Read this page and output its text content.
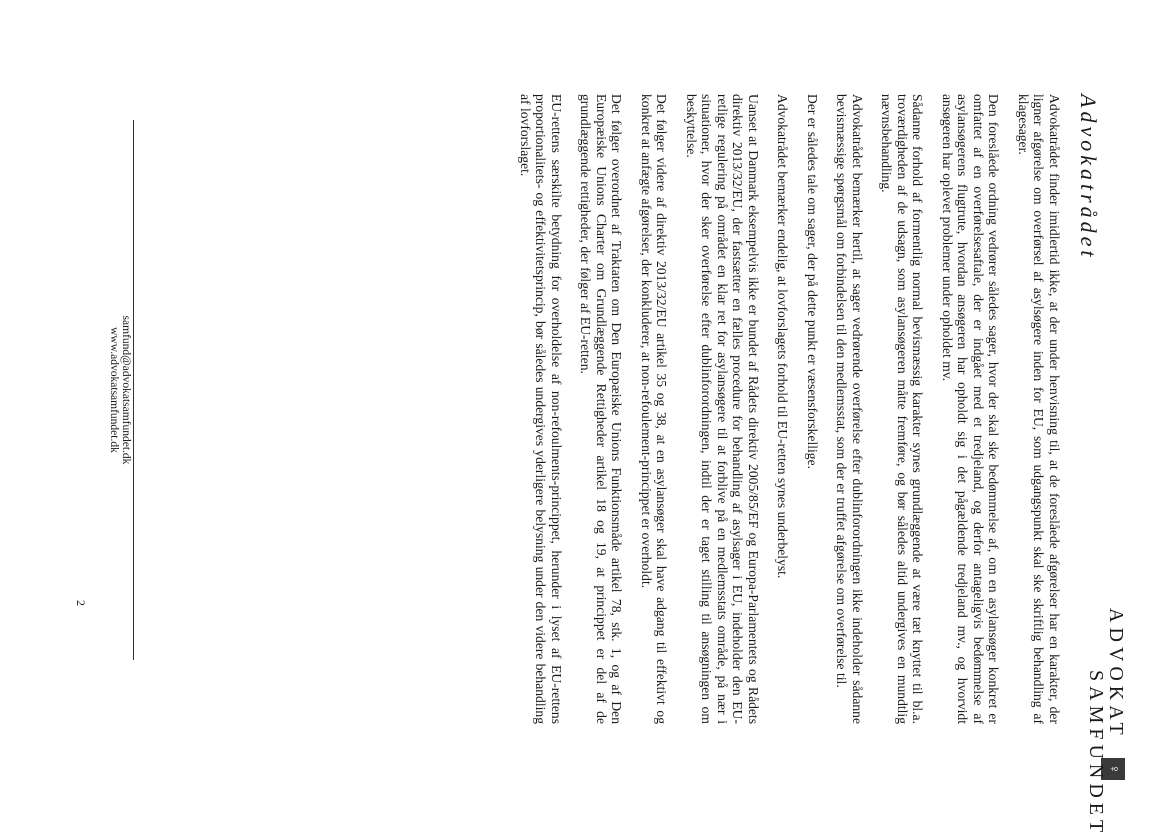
Advokatrådet
ADVOKAT
♀
SAMFUNDET

Advokatrådet finder imidlertid ikke, at der under henvisning til, at de foreslåede afgørelser har en karakter, der ligner afgørelse om overførsel af asylsøgere inden for EU, som udgangspunkt skal ske skriftlig behandling af klagesager.

Den foreslåede ordning vedrører således sager, hvor der skal ske bedømmelse af, om en asylansøger konkret er omfattet af en overførelsesaftale, der er indgået med et tredjeland, og derfor antageligvis bedømmelse af asylansøgerens flugtrute, hvordan ansøgeren har opholdt sig i det pågældende tredjeland mv., og hvorvidt ansøgeren har oplevet problemer under opholdet mv.

Sådanne forhold af formentlig normal bevismæssig karakter synes grundlæggende at være tæt knyttet til bl.a. troværdigheden af de udsagn, som asylansøgeren måtte fremføre, og bør således altid undergives en mundtlig nævnsbehandling.

Advokatrådet bemærker hertil, at sager vedrørende overførelse efter dublinforordningen ikke indeholder sådanne bevismæssige spørgsmål om forbindelsen til den medlemsstat, som der er truffet afgørelse om overførelse til.

Der er således tale om sager, der på dette punkt er væsensforskellige.

Advokatrådet bemærker endelig, at lovforslagets forhold til EU-retten synes underbelyst.

Uanset at Danmark eksempelvis ikke er bundet af Rådets direktiv 2005/85/EF og Europa-Parlamentets og Rådets direktiv 2013/32/EU, der fastsætter en fælles procedure for behandling af asylsager i EU, indeholder den EU-retlige regulering på området en klar ret for asylansøgere til at forblive på en medlemsstats område, på nær i situationer, hvor der sker overførelse efter dublinforordningen, indtil der er taget stilling til ansøgningen om beskyttelse.

Det følger videre af direktiv 2013/32/EU artikel 35 og 38, at en asylansøger skal have adgang til effektivt og konkret at anfægte afgørelser, der konkluderer, at non-refoulement-princippet er overholdt.

Det følger overordnet af Traktaten om Den Europæiske Unions Funktionsmåde artikel 78, stk. 1, og af Den Europæiske Unions Charter om Grundlæggende Rettigheder artikel 18 og 19, at princippet er del af de grundlæggende rettigheder, der følger af EU-retten.

EU-rettens særskilte betydning for overholdelse af non-refoulments-princippet, herunder i lyset af EU-rettens proportionalitets- og effektivitetsprincip, bør således undergives yderligere belysning under den videre behandling af lovforslaget.

samfund@advokatsamfundet.dk
www.advokatsamfundet.dk
2
